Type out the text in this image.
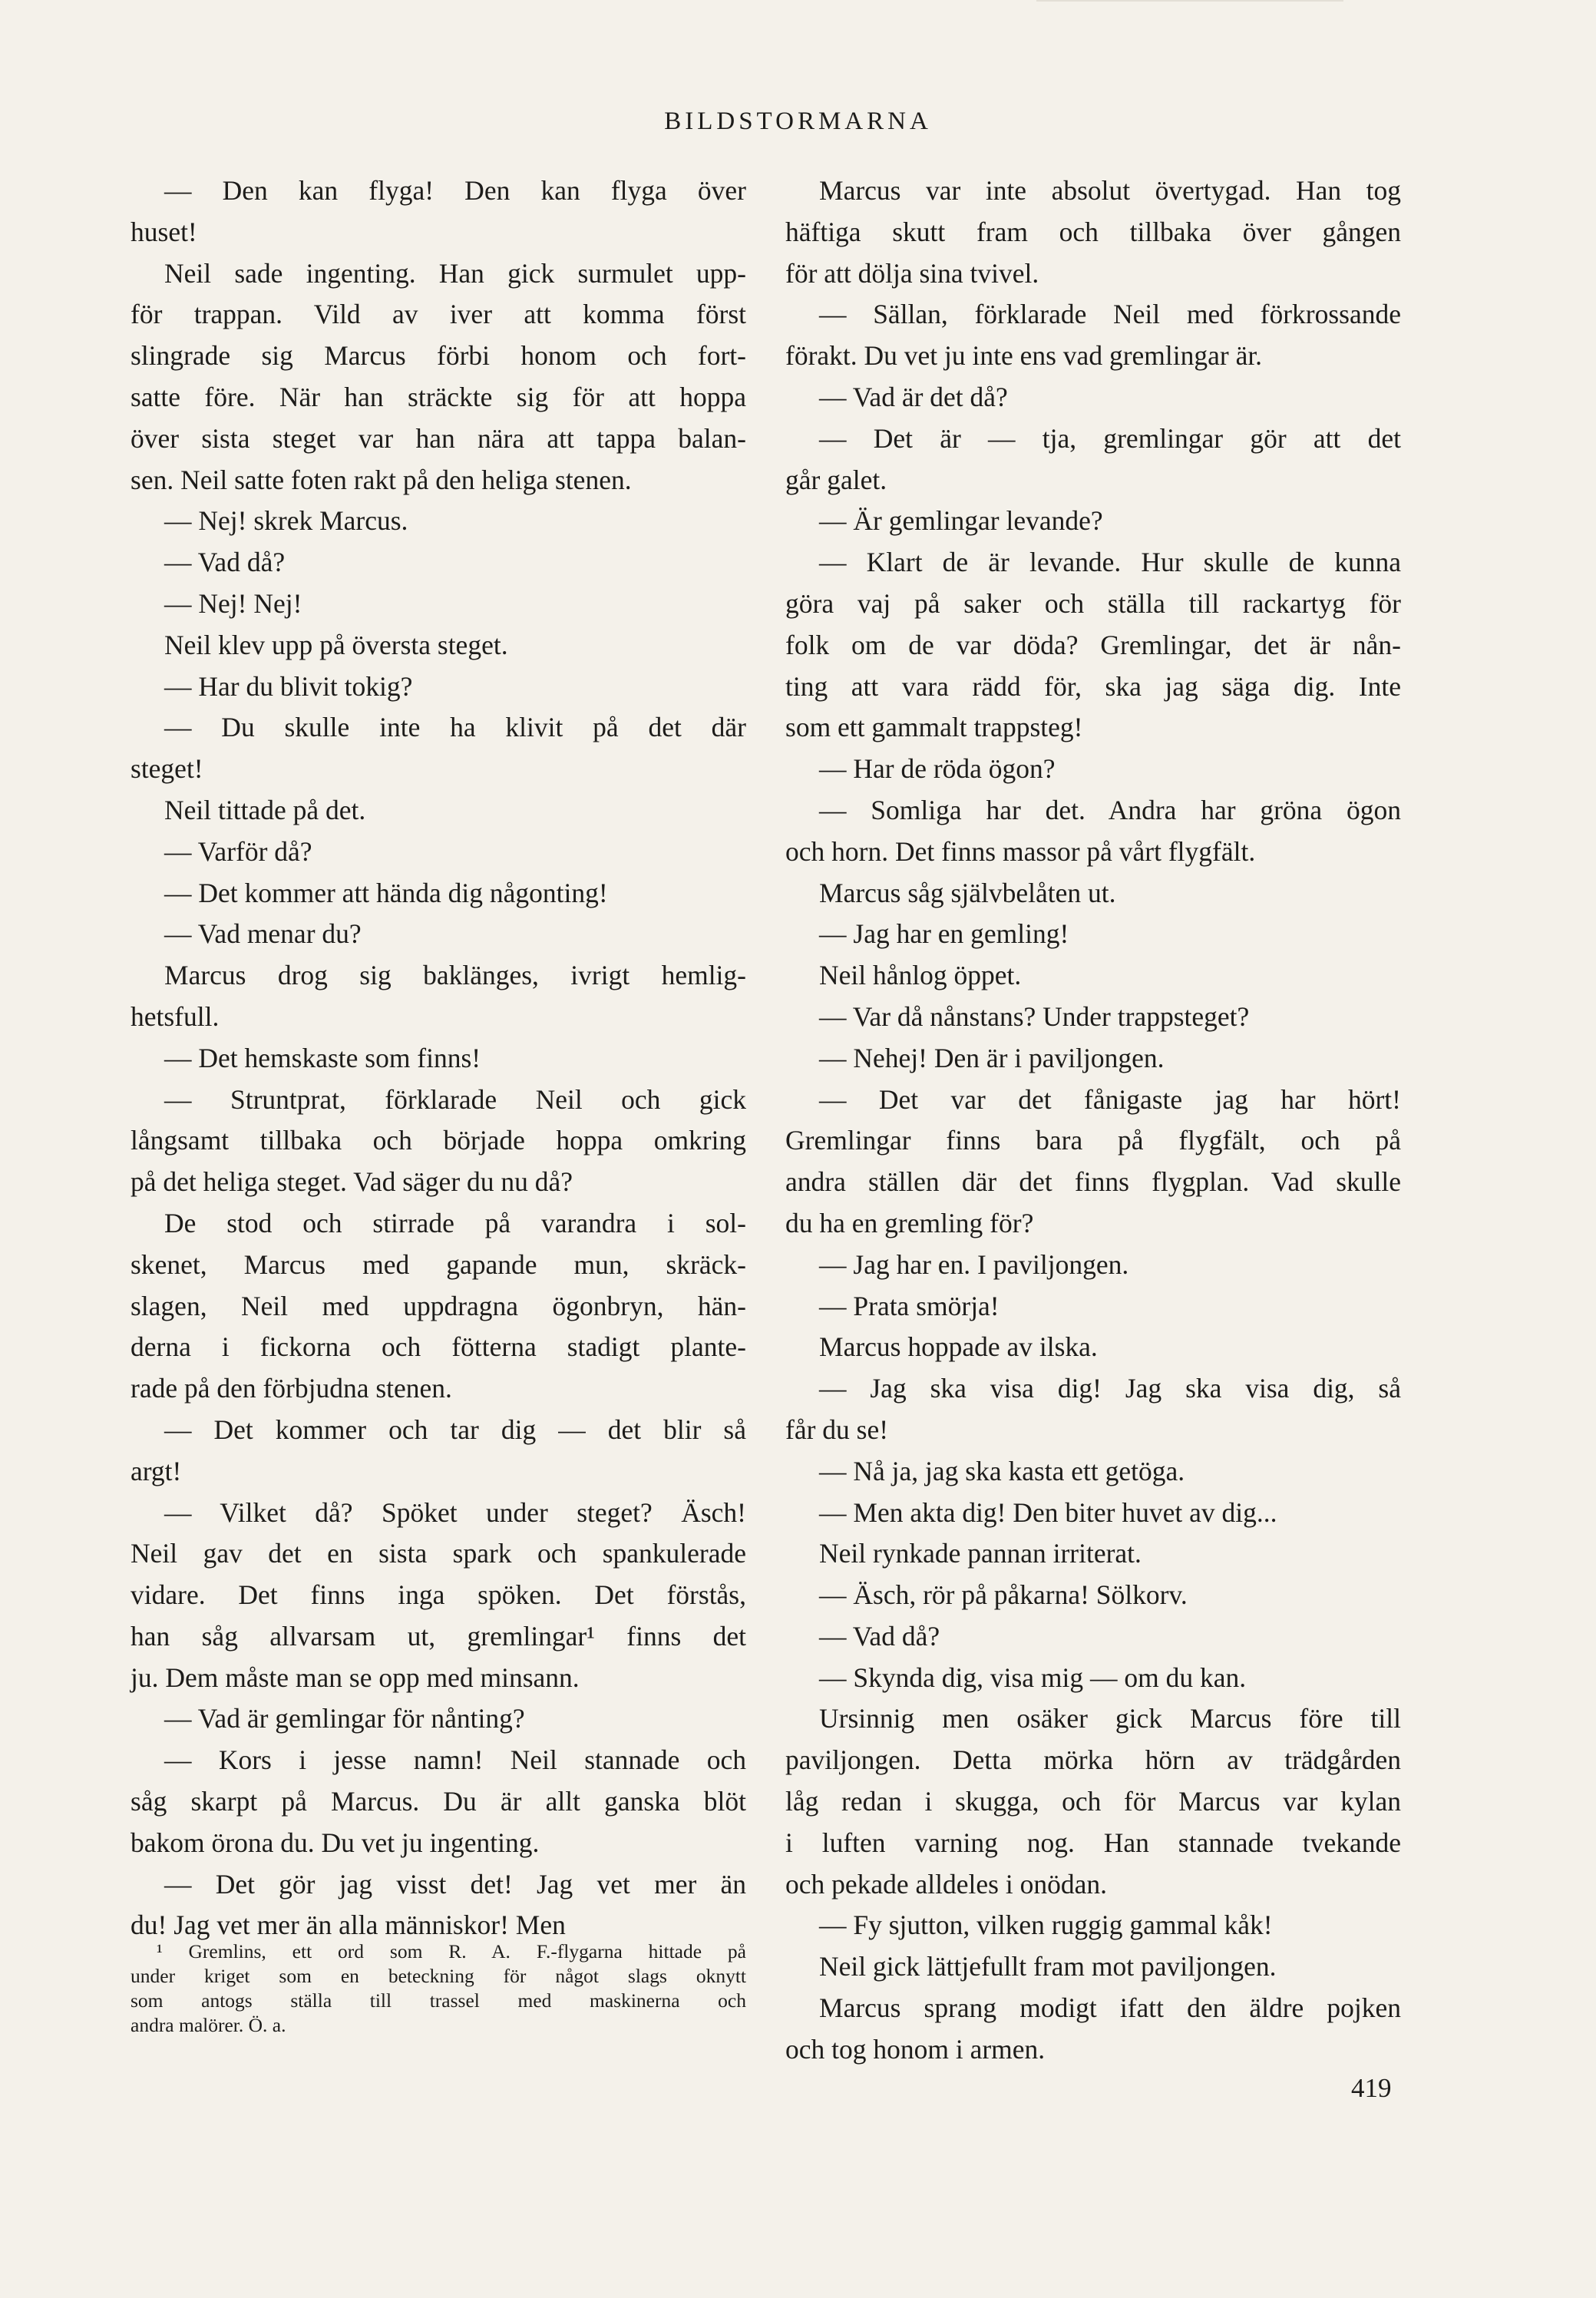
BILDSTORMARNA
— Den kan flyga! Den kan flyga över
huset!
Neil sade ingenting. Han gick surmulet upp-
för trappan. Vild av iver att komma först
slingrade sig Marcus förbi honom och fort-
satte före. När han sträckte sig för att hoppa
över sista steget var han nära att tappa balan-
sen. Neil satte foten rakt på den heliga stenen.
— Nej! skrek Marcus.
— Vad då?
— Nej! Nej!
Neil klev upp på översta steget.
— Har du blivit tokig?
— Du skulle inte ha klivit på det där
steget!
Neil tittade på det.
— Varför då?
— Det kommer att hända dig någonting!
— Vad menar du?
Marcus drog sig baklänges, ivrigt hemlig-
hetsfull.
— Det hemskaste som finns!
— Struntprat, förklarade Neil och gick
långsamt tillbaka och började hoppa omkring
på det heliga steget. Vad säger du nu då?
De stod och stirrade på varandra i sol-
skenet, Marcus med gapande mun, skräck-
slagen, Neil med uppdragna ögonbryn, hän-
derna i fickorna och fötterna stadigt plante-
rade på den förbjudna stenen.
— Det kommer och tar dig — det blir så
argt!
— Vilket då? Spöket under steget? Äsch!
Neil gav det en sista spark och spankulerade
vidare. Det finns inga spöken. Det förstås,
han såg allvarsam ut, gremlingar¹ finns det
ju. Dem måste man se opp med minsann.
— Vad är gemlingar för nånting?
— Kors i jesse namn! Neil stannade och
såg skarpt på Marcus. Du är allt ganska blöt
bakom örona du. Du vet ju ingenting.
— Det gör jag visst det! Jag vet mer än
du! Jag vet mer än alla människor! Men
¹ Gremlins, ett ord som R. A. F.-flygarna hittade på
under kriget som en beteckning för något slags oknytt
som antogs ställa till trassel med maskinerna och
andra malörer. Ö. a.
Marcus var inte absolut övertygad. Han tog
häftiga skutt fram och tillbaka över gången
för att dölja sina tvivel.
— Sällan, förklarade Neil med förkrossande
förakt. Du vet ju inte ens vad gremlingar är.
— Vad är det då?
— Det är — tja, gremlingar gör att det
går galet.
— Är gemlingar levande?
— Klart de är levande. Hur skulle de kunna
göra vaj på saker och ställa till rackartyg för
folk om de var döda? Gremlingar, det är nån-
ting att vara rädd för, ska jag säga dig. Inte
som ett gammalt trappsteg!
— Har de röda ögon?
— Somliga har det. Andra har gröna ögon
och horn. Det finns massor på vårt flygfält.
Marcus såg självbelåten ut.
— Jag har en gemling!
Neil hånlog öppet.
— Var då nånstans? Under trappsteget?
— Nehej! Den är i paviljongen.
— Det var det fånigaste jag har hört!
Gremlingar finns bara på flygfält, och på
andra ställen där det finns flygplan. Vad skulle
du ha en gremling för?
— Jag har en. I paviljongen.
— Prata smörja!
Marcus hoppade av ilska.
— Jag ska visa dig! Jag ska visa dig, så
får du se!
— Nå ja, jag ska kasta ett getöga.
— Men akta dig! Den biter huvet av dig...
Neil rynkade pannan irriterat.
— Äsch, rör på påkarna! Sölkorv.
— Vad då?
— Skynda dig, visa mig — om du kan.
Ursinnig men osäker gick Marcus före till
paviljongen. Detta mörka hörn av trädgården
låg redan i skugga, och för Marcus var kylan
i luften varning nog. Han stannade tvekande
och pekade alldeles i onödan.
— Fy sjutton, vilken ruggig gammal kåk!
Neil gick lättjefullt fram mot paviljongen.
Marcus sprang modigt ifatt den äldre pojken
och tog honom i armen.
419
